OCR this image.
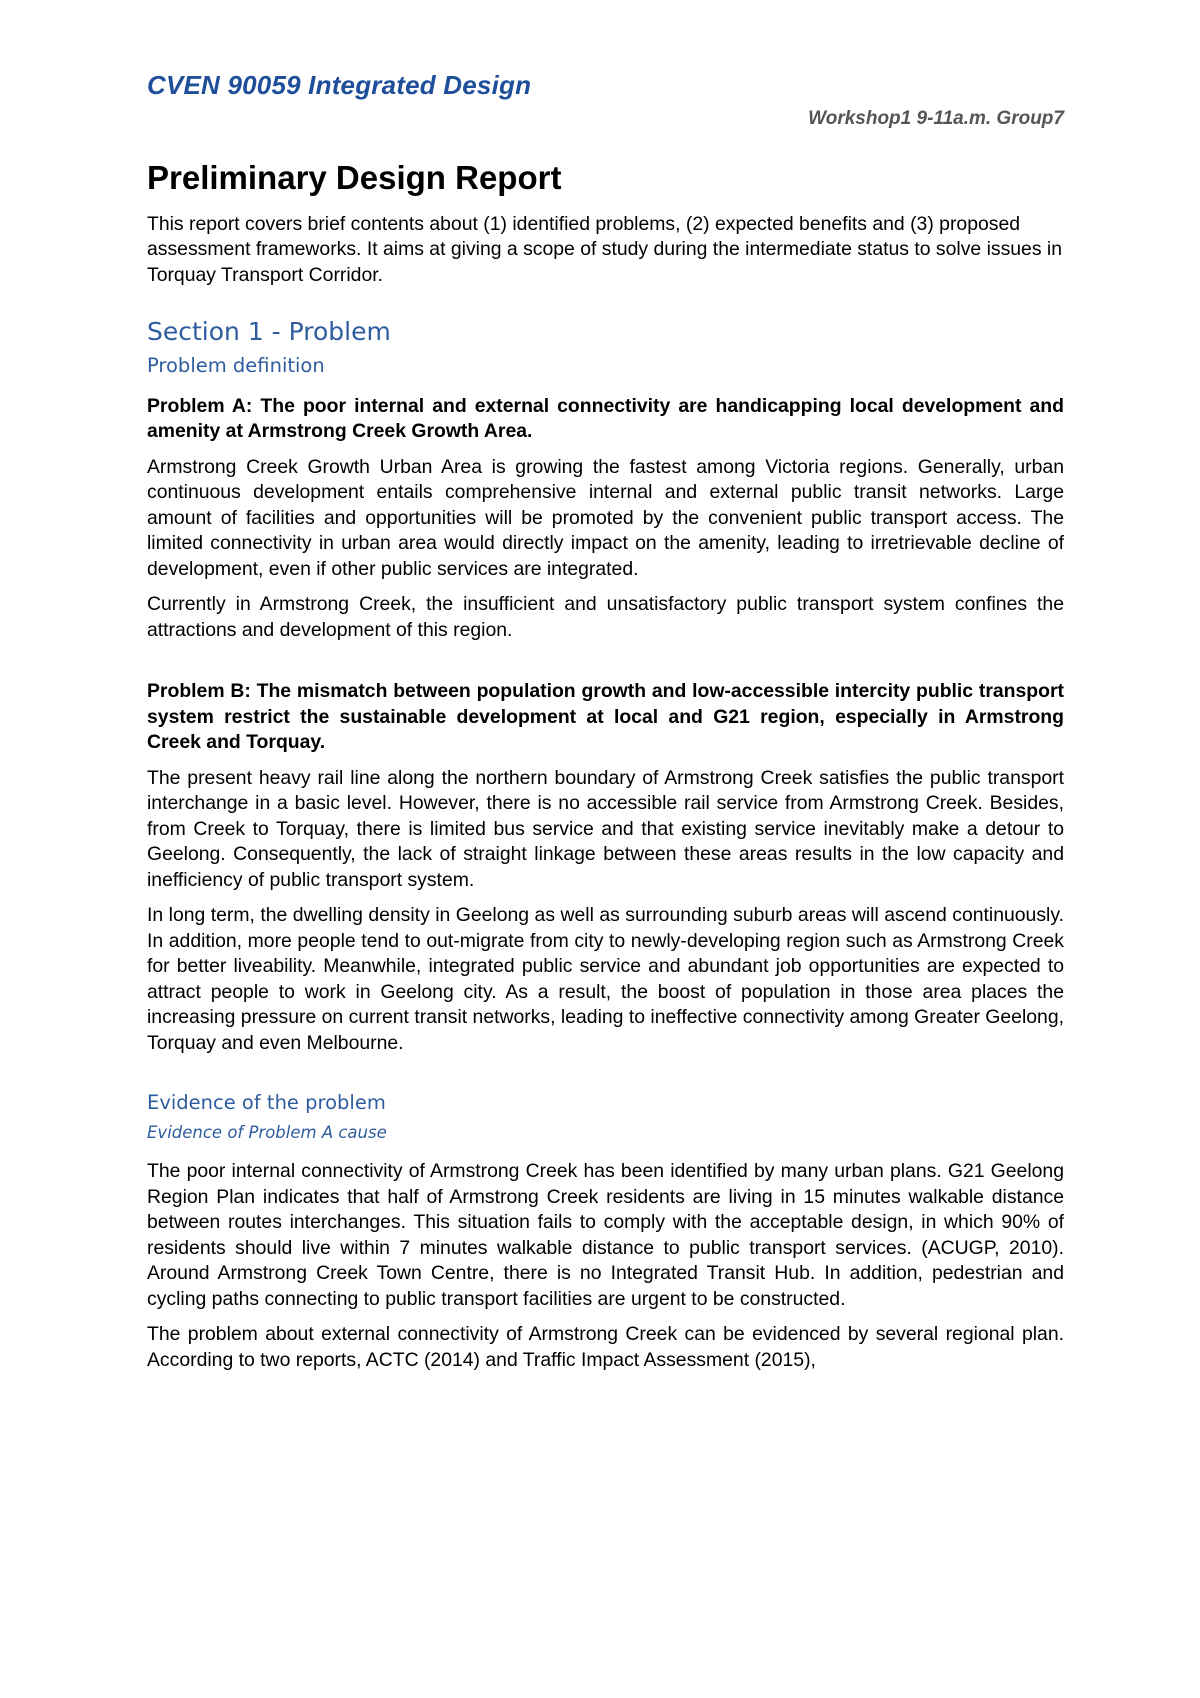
CVEN 90059 Integrated Design
Workshop1 9-11a.m. Group7
Preliminary Design Report

This report covers brief contents about (1) identified problems, (2) expected benefits and (3) proposed assessment frameworks. It aims at giving a scope of study during the intermediate status to solve issues in Torquay Transport Corridor.

Section 1 - Problem
Problem definition

Problem A: The poor internal and external connectivity are handicapping local development and amenity at Armstrong Creek Growth Area.

Armstrong Creek Growth Urban Area is growing the fastest among Victoria regions. Generally, urban continuous development entails comprehensive internal and external public transit networks. Large amount of facilities and opportunities will be promoted by the convenient public transport access. The limited connectivity in urban area would directly impact on the amenity, leading to irretrievable decline of development, even if other public services are integrated.

Currently in Armstrong Creek, the insufficient and unsatisfactory public transport system confines the attractions and development of this region.

Problem B: The mismatch between population growth and low-accessible intercity public transport system restrict the sustainable development at local and G21 region, especially in Armstrong Creek and Torquay.

The present heavy rail line along the northern boundary of Armstrong Creek satisfies the public transport interchange in a basic level. However, there is no accessible rail service from Armstrong Creek. Besides, from Creek to Torquay, there is limited bus service and that existing service inevitably make a detour to Geelong. Consequently, the lack of straight linkage between these areas results in the low capacity and inefficiency of public transport system.

In long term, the dwelling density in Geelong as well as surrounding suburb areas will ascend continuously. In addition, more people tend to out-migrate from city to newly-developing region such as Armstrong Creek for better liveability. Meanwhile, integrated public service and abundant job opportunities are expected to attract people to work in Geelong city. As a result, the boost of population in those area places the increasing pressure on current transit networks, leading to ineffective connectivity among Greater Geelong, Torquay and even Melbourne.

Evidence of the problem
Evidence of Problem A cause

The poor internal connectivity of Armstrong Creek has been identified by many urban plans. G21 Geelong Region Plan indicates that half of Armstrong Creek residents are living in 15 minutes walkable distance between routes interchanges. This situation fails to comply with the acceptable design, in which 90% of residents should live within 7 minutes walkable distance to public transport services. (ACUGP, 2010). Around Armstrong Creek Town Centre, there is no Integrated Transit Hub. In addition, pedestrian and cycling paths connecting to public transport facilities are urgent to be constructed.

The problem about external connectivity of Armstrong Creek can be evidenced by several regional plan. According to two reports, ACTC (2014) and Traffic Impact Assessment (2015),
